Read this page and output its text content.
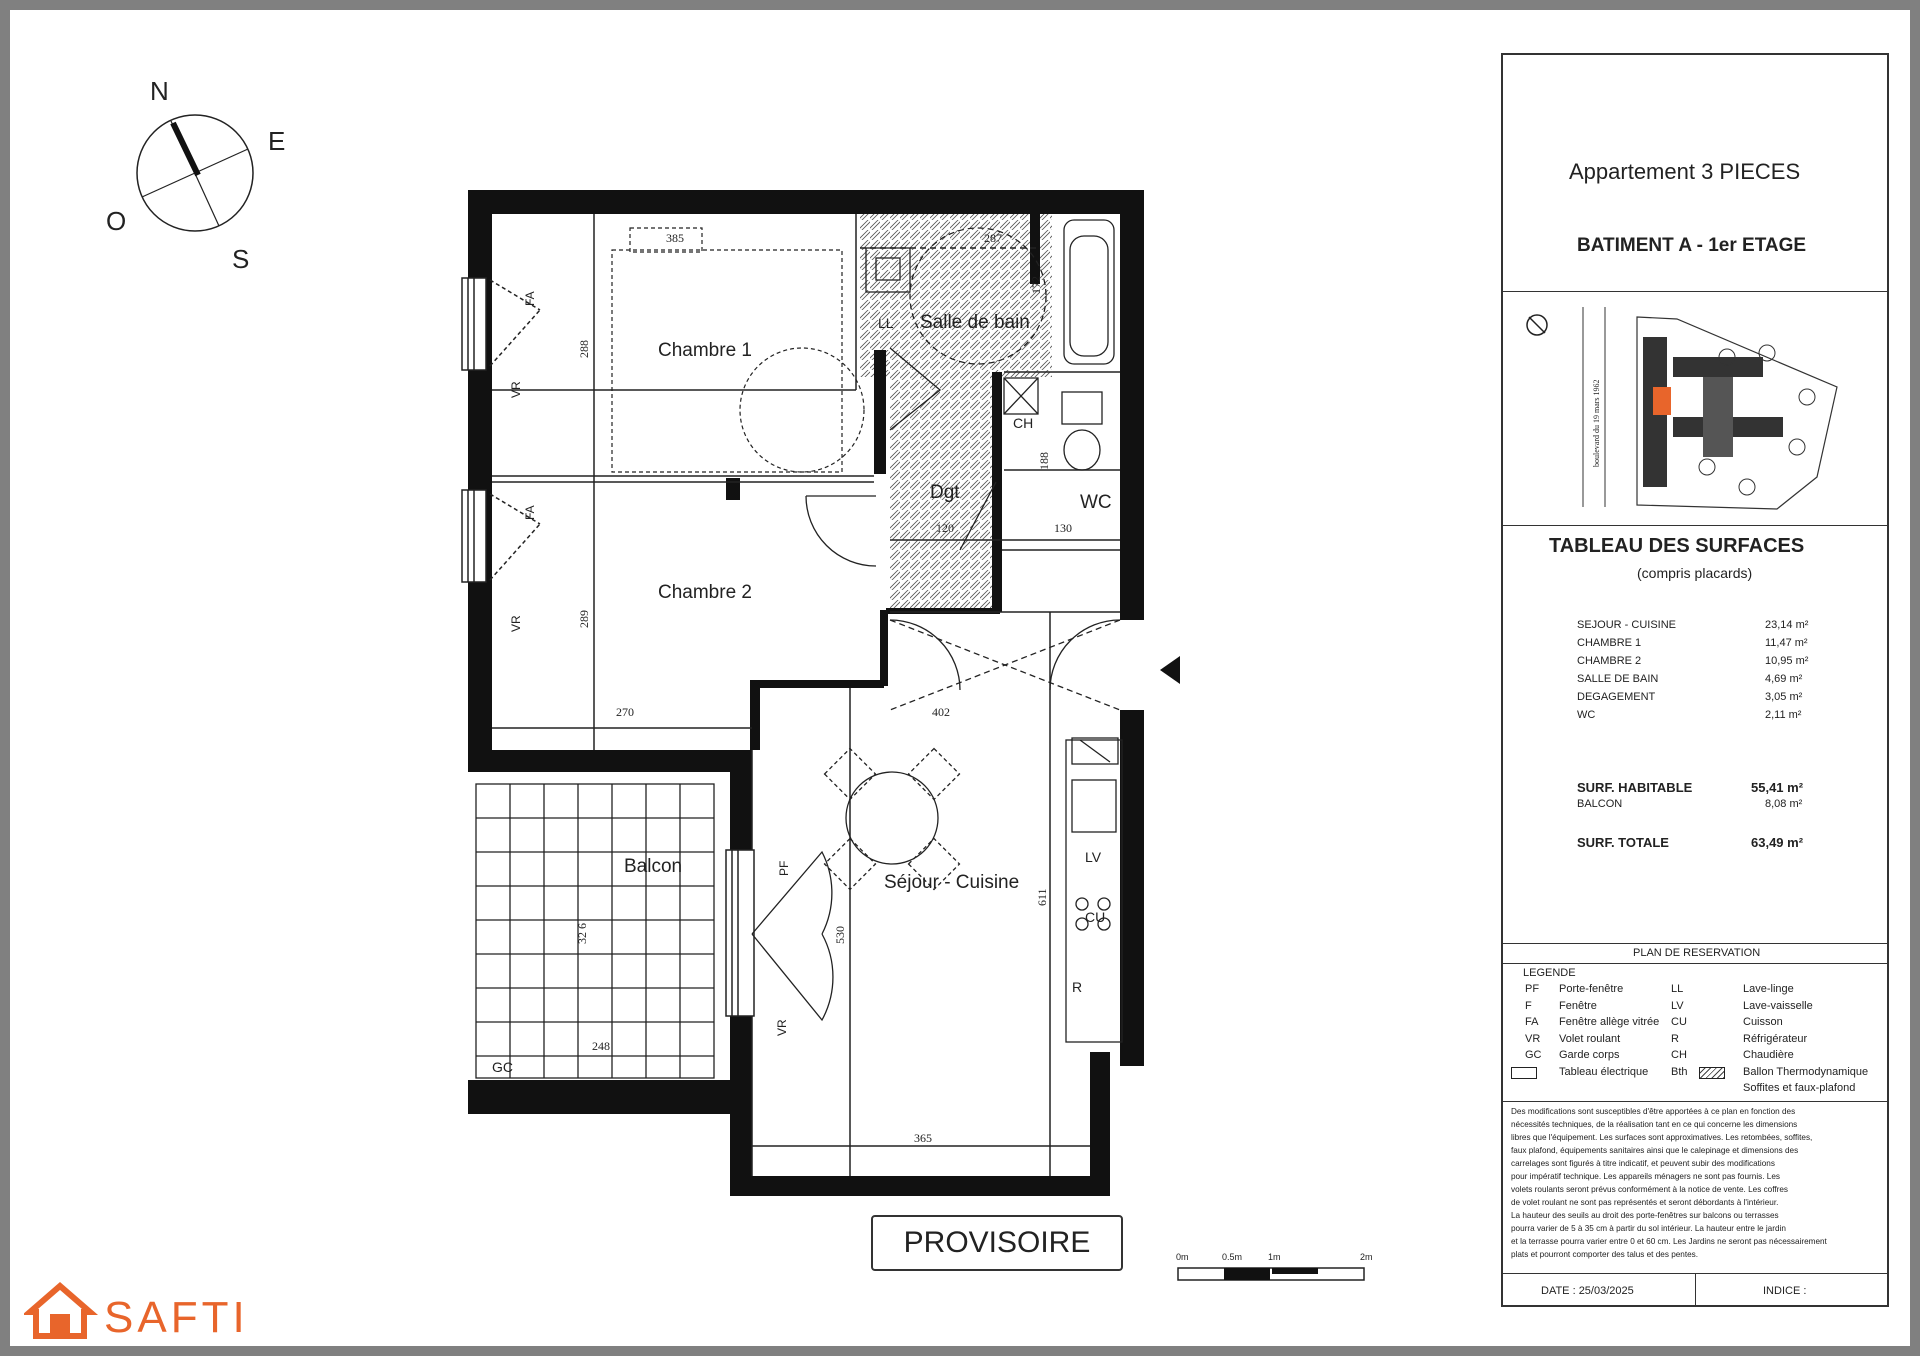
N
E
S
O
Chambre 1
Salle de bain
LL
CH
Dgt	WC
Chambre 2
Balcon
Séjour - Cuisine
GC
LV
CU
R
385	287
172
288
289
188
120	130
270	402
611
530
32 6
248
365
FA
VR
FA
VR
PF
VR
0m	0.5m	1m	2m
PROVISOIRE
Appartement 3 PIECES
BATIMENT A - 1er ETAGE
boulevard du 19 mars 1962
TABLEAU DES SURFACES
(compris placards)
SEJOUR - CUISINE	23,14 m²
CHAMBRE 1	11,47 m²
CHAMBRE 2	10,95 m²
SALLE DE BAIN	4,69 m²
DEGAGEMENT	3,05 m²
WC	2,11 m²
SURF. HABITABLE	55,41 m²
BALCON	8,08 m²
SURF. TOTALE	63,49 m²
PLAN DE RESERVATION
LEGENDE
PF Porte-fenêtre
F Fenêtre
FA Fenêtre allège vitrée
VR Volet roulant
GC Garde corps
Tableau électrique
LL	Lave-linge
LV	Lave-vaisselle
CU	Cuisson
R	Réfrigérateur
CH	Chaudière
Bth	Ballon Thermodynamique
Soffites et faux-plafond
Des modifications sont susceptibles d'être apportées à ce plan en fonction des
nécessités techniques, de la réalisation tant en ce qui concerne les dimensions
libres que l'équipement. Les surfaces sont approximatives. Les retombées, soffites,
faux plafond, équipements sanitaires ainsi que le calepinage et dimensions des
carrelages sont figurés à titre indicatif, et peuvent subir des modifications
pour impératif technique. Les appareils ménagers ne sont pas fournis. Les
volets roulants seront prévus conformément à la notice de vente. Les coffres
de volet roulant ne sont pas représentés et seront débordants à l'intérieur.
La hauteur des seuils au droit des porte-fenêtres sur balcons ou terrasses
pourra varier de 5 à 35 cm à partir du sol intérieur. La hauteur entre le jardin
et la terrasse pourra varier entre 0 et 60 cm. Les Jardins ne seront pas nécessairement
plats et pourront comporter des talus et des pentes.
DATE : 25/03/2025	INDICE :
SAFTI
